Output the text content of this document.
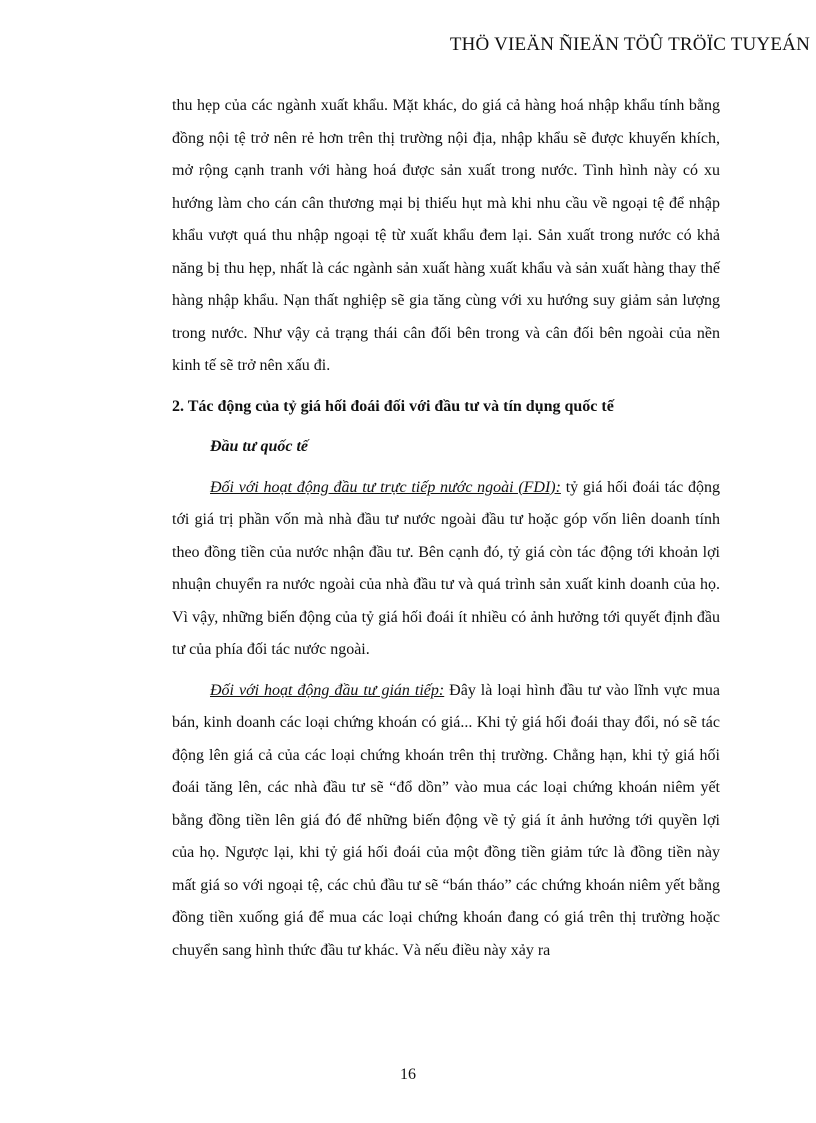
THÖ VIEÄN ÑIEÄN TÖÛ TRÖÏC TUYEÁN

thu hẹp của các ngành xuất khẩu. Mặt khác, do giá cả hàng hoá nhập khẩu tính bằng đồng nội tệ trở nên rẻ hơn trên thị trường nội địa, nhập khẩu sẽ được khuyến khích, mở rộng cạnh tranh với hàng hoá được sản xuất trong nước. Tình hình này có xu hướng làm cho cán cân thương mại bị thiếu hụt mà khi nhu cầu về ngoại tệ để nhập khẩu vượt quá thu nhập ngoại tệ từ xuất khẩu đem lại. Sản xuất trong nước có khả năng bị thu hẹp, nhất là các ngành sản xuất hàng xuất khẩu và sản xuất hàng thay thế hàng nhập khẩu. Nạn thất nghiệp sẽ gia tăng cùng với xu hướng suy giảm sản lượng trong nước. Như vậy cả trạng thái cân đối bên trong và cân đối bên ngoài của nền kinh tế sẽ trở nên xấu đi.

2. Tác động của tỷ giá hối đoái đối với đầu tư và tín dụng quốc tế

Đầu tư quốc tế

Đối với hoạt động đầu tư trực tiếp nước ngoài (FDI): tỷ giá hối đoái tác động tới giá trị phần vốn mà nhà đầu tư nước ngoài đầu tư hoặc góp vốn liên doanh tính theo đồng tiền của nước nhận đầu tư. Bên cạnh đó, tỷ giá còn tác động tới khoản lợi nhuận chuyển ra nước ngoài của nhà đầu tư và quá trình sản xuất kinh doanh của họ. Vì vậy, những biến động của tỷ giá hối đoái ít nhiều có ảnh hưởng tới quyết định đầu tư của phía đối tác nước ngoài.

Đối với hoạt động đầu tư gián tiếp: Đây là loại hình đầu tư vào lĩnh vực mua bán, kinh doanh các loại chứng khoán có giá... Khi tỷ giá hối đoái thay đổi, nó sẽ tác động lên giá cả của các loại chứng khoán trên thị trường. Chẳng hạn, khi tỷ giá hối đoái tăng lên, các nhà đầu tư sẽ “đổ dồn” vào mua các loại chứng khoán niêm yết bằng đồng tiền lên giá đó để những biến động về tỷ giá ít ảnh hưởng tới quyền lợi của họ. Ngược lại, khi tỷ giá hối đoái của một đồng tiền giảm tức là đồng tiền này mất giá so với ngoại tệ, các chủ đầu tư sẽ “bán tháo” các chứng khoán niêm yết bằng đồng tiền xuống giá để mua các loại chứng khoán đang có giá trên thị trường hoặc chuyển sang hình thức đầu tư khác. Và nếu điều này xảy ra

16
